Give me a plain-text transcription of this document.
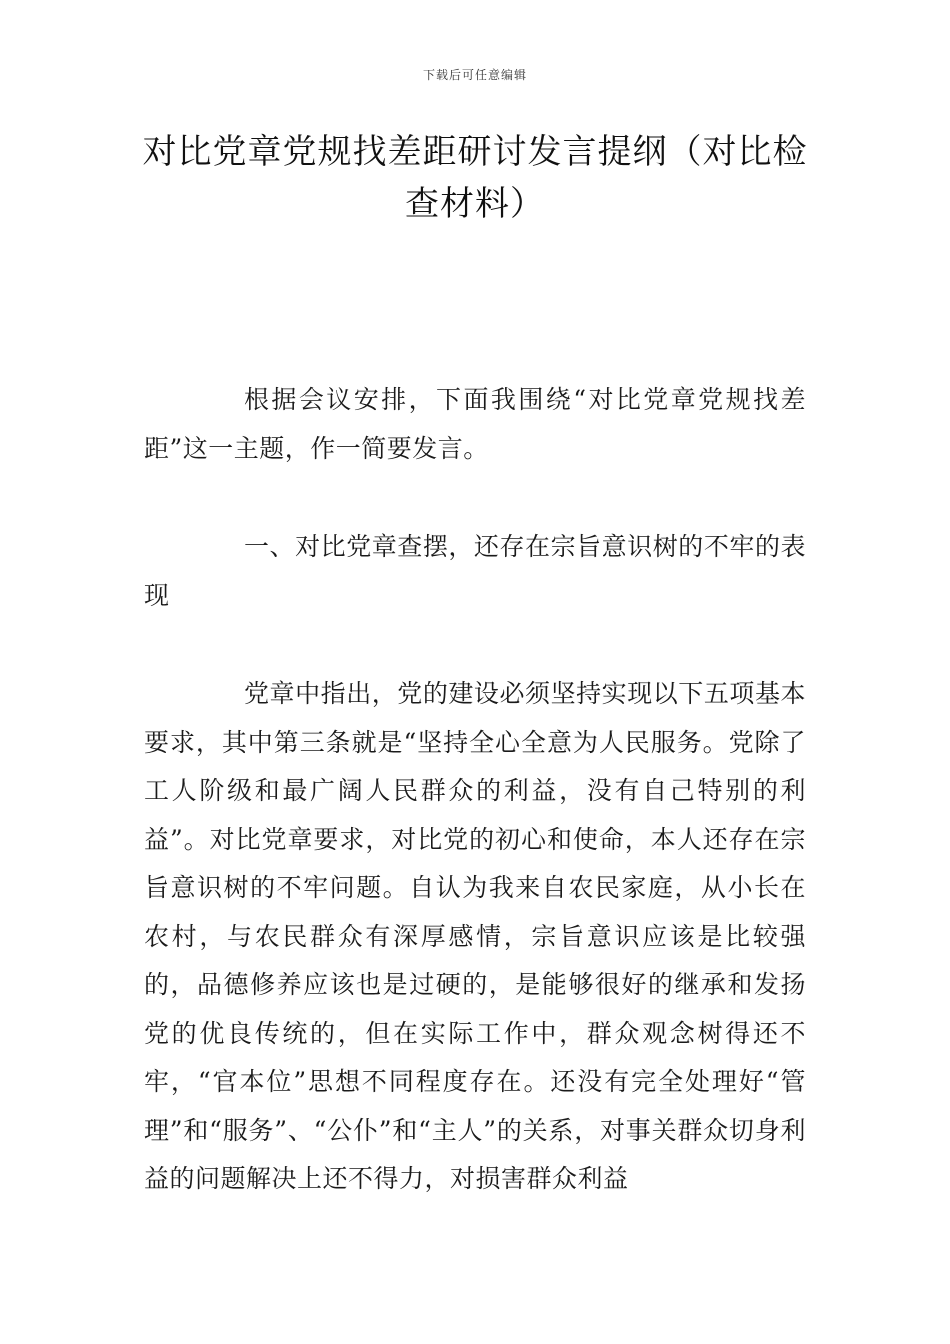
下载后可任意编辑
对比党章党规找差距研讨发言提纲（对比检查材料）

根据会议安排，下面我围绕“对比党章党规找差距”这一主题，作一简要发言。

一、对比党章查摆，还存在宗旨意识树的不牢的表现

党章中指出，党的建设必须坚持实现以下五项基本要求，其中第三条就是“坚持全心全意为人民服务。党除了工人阶级和最广阔人民群众的利益，没有自己特别的利益”。对比党章要求，对比党的初心和使命，本人还存在宗旨意识树的不牢问题。自认为我来自农民家庭，从小长在农村，与农民群众有深厚感情，宗旨意识应该是比较强的，品德修养应该也是过硬的，是能够很好的继承和发扬党的优良传统的，但在实际工作中，群众观念树得还不牢，“官本位”思想不同程度存在。还没有完全处理好“管理”和“服务”、“公仆”和“主人”的关系，对事关群众切身利益的问题解决上还不得力，对损害群众利益
